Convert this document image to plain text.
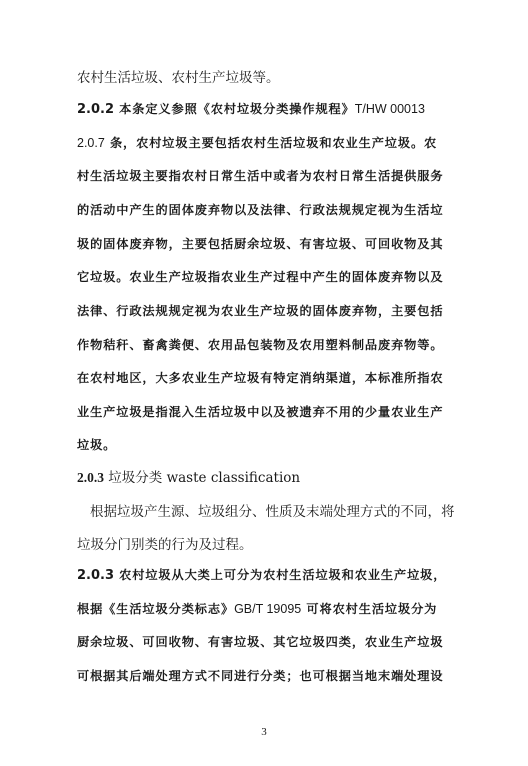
农村生活垃圾、农村生产垃圾等。
2.0.2 本条定义参照《农村垃圾分类操作规程》T/HW 00013
2.0.7 条，农村垃圾主要包括农村生活垃圾和农业生产垃圾。农
村生活垃圾主要指农村日常生活中或者为农村日常生活提供服务
的活动中产生的固体废弃物以及法律、行政法规规定视为生活垃
圾的固体废弃物，主要包括厨余垃圾、有害垃圾、可回收物及其
它垃圾。农业生产垃圾指农业生产过程中产生的固体废弃物以及
法律、行政法规规定视为农业生产垃圾的固体废弃物，主要包括
作物秸秆、畜禽粪便、农用品包装物及农用塑料制品废弃物等。
在农村地区，大多农业生产垃圾有特定消纳渠道，本标准所指农
业生产垃圾是指混入生活垃圾中以及被遗弃不用的少量农业生产
垃圾。
2.0.3 垃圾分类 waste classification
根据垃圾产生源、垃圾组分、性质及末端处理方式的不同，将
垃圾分门别类的行为及过程。
2.0.3 农村垃圾从大类上可分为农村生活垃圾和农业生产垃圾，
根据《生活垃圾分类标志》GB/T 19095 可将农村生活垃圾分为
厨余垃圾、可回收物、有害垃圾、其它垃圾四类，农业生产垃圾
可根据其后端处理方式不同进行分类；也可根据当地末端处理设
3
